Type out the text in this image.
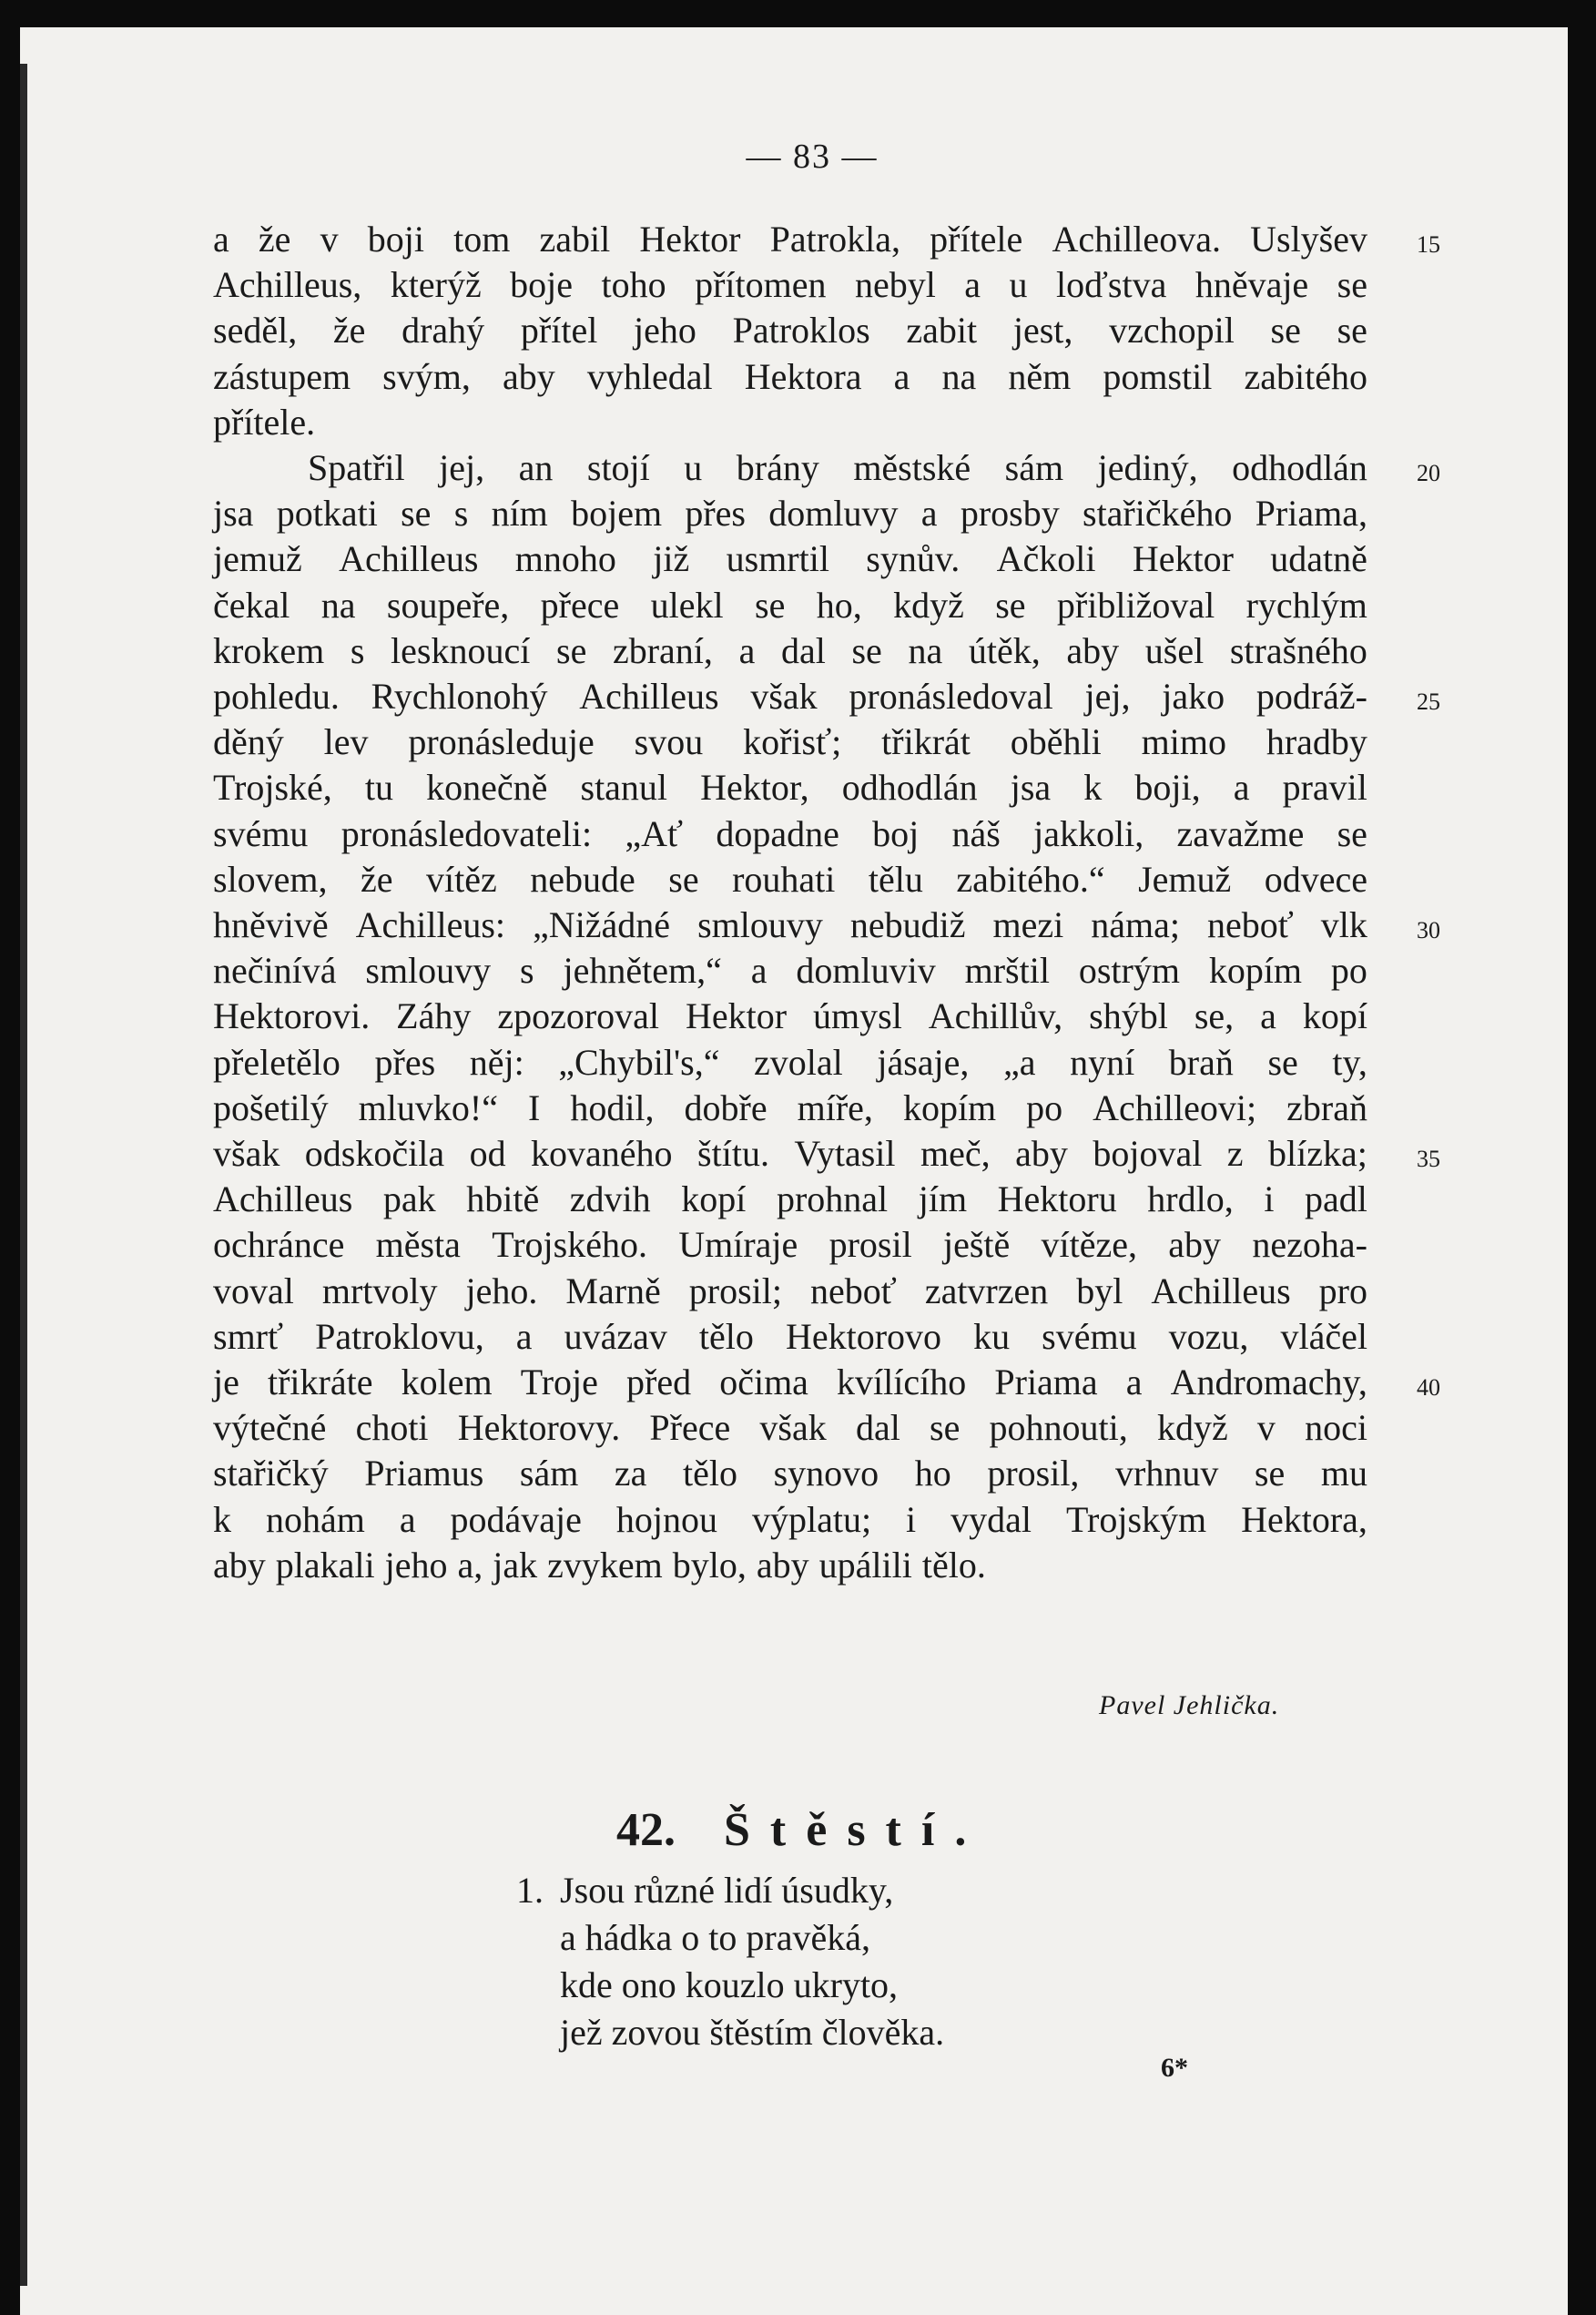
— 83 —
a že v boji tom zabil Hektor Patrokla, přítele Achilleova. Uslyšev 15
Achilleus, kterýž boje toho přítomen nebyl a u loďstva hněvaje se
seděl, že drahý přítel jeho Patroklos zabit jest, vzchopil se se
zástupem svým, aby vyhledal Hektora a na něm pomstil zabitého
přítele.
Spatřil jej, an stojí u brány městské sám jediný, odhodlán 20
jsa potkati se s ním bojem přes domluvy a prosby stařičkého Priama,
jemuž Achilleus mnoho již usmrtil synův. Ačkoli Hektor udatně
čekal na soupeře, přece ulekl se ho, když se přibližoval rychlým
krokem s lesknoucí se zbraní, a dal se na útěk, aby ušel strašného
pohledu. Rychlonohý Achilleus však pronásledoval jej, jako podráž- 25
děný lev pronásleduje svou kořisť; třikrát oběhli mimo hradby
Trojské, tu konečně stanul Hektor, odhodlán jsa k boji, a pravil
svému pronásledovateli: „Ať dopadne boj náš jakkoli, zavažme se
slovem, že vítěz nebude se rouhati tělu zabitého.“ Jemuž odvece
hněvivě Achilleus: „Nižádné smlouvy nebudiž mezi náma; neboť vlk 30
nečinívá smlouvy s jehnětem,“ a domluviv mrštil ostrým kopím po
Hektorovi. Záhy zpozoroval Hektor úmysl Achillův, shýbl se, a kopí
přeletělo přes něj: „Chybil's,“ zvolal jásaje, „a nyní braň se ty,
pošetilý mluvko!“ I hodil, dobře míře, kopím po Achilleovi; zbraň
však odskočila od kovaného štítu. Vytasil meč, aby bojoval z blízka; 35
Achilleus pak hbitě zdvih kopí prohnal jím Hektoru hrdlo, i padl
ochránce města Trojského. Umíraje prosil ještě vítěze, aby nezoha-
voval mrtvoly jeho. Marně prosil; neboť zatvrzen byl Achilleus pro
smrť Patroklovu, a uvázav tělo Hektorovo ku svému vozu, vláčel
je třikráte kolem Troje před očima kvílícího Priama a Andromachy, 40
výtečné choti Hektorovy. Přece však dal se pohnouti, když v noci
stařičký Priamus sám za tělo synovo ho prosil, vrhnuv se mu
k nohám a podávaje hojnou výplatu; i vydal Trojským Hektora,
aby plakali jeho a, jak zvykem bylo, aby upálili tělo.
Pavel Jehlička.
42. Štěstí.
1. Jsou různé lidí úsudky,
a hádka o to pravěká,
kde ono kouzlo ukryto,
jež zovou štěstím člověka.
6*
